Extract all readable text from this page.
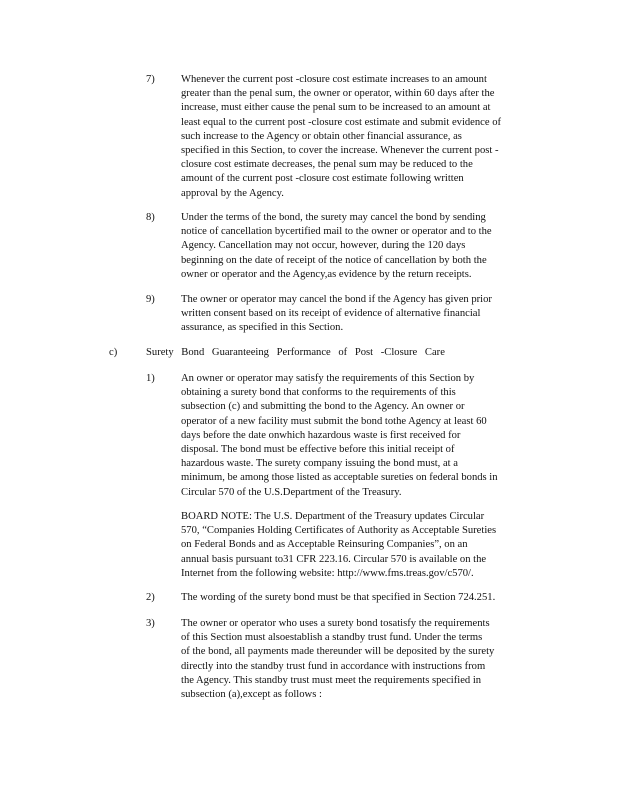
7) Whenever the current post -closure cost estimate increases to an amount
greater than the penal sum, the owner or operator, within 60 days after the
increase, must either cause the penal sum to be increased to an amount at
least equal to the current post -closure cost estimate and submit evidence of
such increase to the Agency or obtain other financial assurance, as
specified in this Section, to cover the increase. Whenever the current post -
closure cost estimate decreases, the penal sum may be reduced to the
amount of the current post -closure cost estimate following written
approval by the Agency.
8) Under the terms of the bond, the surety may cancel the bond by sending
notice of cancellation bycertified mail to the owner or operator and to the
Agency. Cancellation may not occur, however, during the 120 days
beginning on the date of receipt of the notice of cancellation by both the
owner or operator and the Agency,as evidence by the return receipts.
9) The owner or operator may cancel the bond if the Agency has given prior
written consent based on its receipt of evidence of alternative financial
assurance, as specified in this Section.
c)	Surety Bond Guaranteeing Performance of Post -Closure Care
1) An owner or operator may satisfy the requirements of this Section by
obtaining a surety bond that conforms to the requirements of this
subsection (c) and submitting the bond to the Agency. An owner or
operator of a new facility must submit the bond tothe Agency at least 60
days before the date onwhich hazardous waste is first received for
disposal. The bond must be effective before this initial receipt of
hazardous waste. The surety company issuing the bond must, at a
minimum, be among those listed as acceptable sureties on federal bonds in
Circular 570 of the U.S.Department of the Treasury.
BOARD NOTE: The U.S. Department of the Treasury updates Circular
570, “Companies Holding Certificates of Authority as Acceptable Sureties
on Federal Bonds and as Acceptable Reinsuring Companies”, on an
annual basis pursuant to31 CFR 223.16. Circular 570 is available on the
Internet from the following website: http://www.fms.treas.gov/c570/.
2) The wording of the surety bond must be that specified in Section 724.251.
3) The owner or operator who uses a surety bond tosatisfy the requirements
of this Section must alsoestablish a standby trust fund. Under the terms
of the bond, all payments made thereunder will be deposited by the surety
directly into the standby trust fund in accordance with instructions from
the Agency. This standby trust must meet the requirements specified in
subsection (a),except as follows :
